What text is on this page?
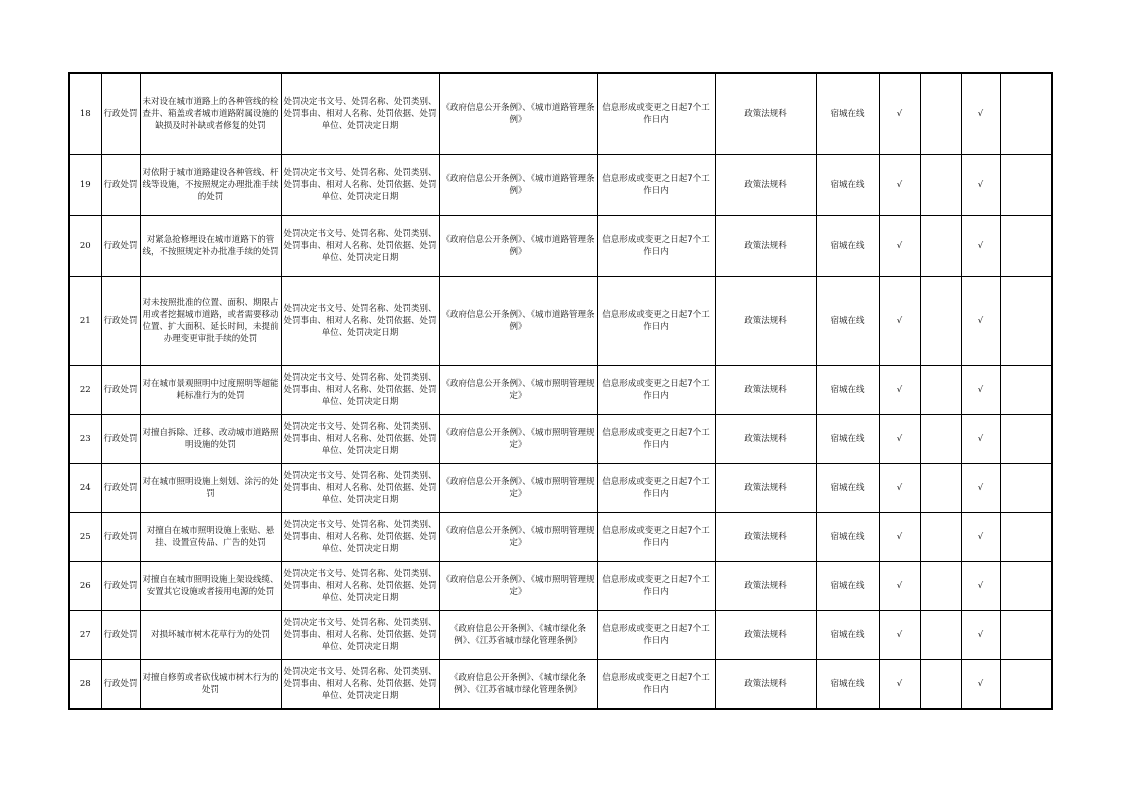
18	行政处罚	未对设在城市道路上的各种管线的检查井、箱盖或者城市道路附属设施的缺损及时补缺或者修复的处罚	处罚决定书文号、处罚名称、处罚类别、处罚事由、相对人名称、处罚依据、处罚单位、处罚决定日期	《政府信息公开条例》、《城市道路管理条例》	信息形成或变更之日起7个工作日内	政策法规科	宿城在线	√		√	
19	行政处罚	对依附于城市道路建设各种管线、杆线等设施，不按照规定办理批准手续的处罚	处罚决定书文号、处罚名称、处罚类别、处罚事由、相对人名称、处罚依据、处罚单位、处罚决定日期	《政府信息公开条例》、《城市道路管理条例》	信息形成或变更之日起7个工作日内	政策法规科	宿城在线	√		√	
20	行政处罚	对紧急抢修埋设在城市道路下的管线，不按照规定补办批准手续的处罚	处罚决定书文号、处罚名称、处罚类别、处罚事由、相对人名称、处罚依据、处罚单位、处罚决定日期	《政府信息公开条例》、《城市道路管理条例》	信息形成或变更之日起7个工作日内	政策法规科	宿城在线	√		√	
21	行政处罚	对未按照批准的位置、面积、期限占用或者挖掘城市道路，或者需要移动位置、扩大面积、延长时间，未提前办理变更审批手续的处罚	处罚决定书文号、处罚名称、处罚类别、处罚事由、相对人名称、处罚依据、处罚单位、处罚决定日期	《政府信息公开条例》、《城市道路管理条例》	信息形成或变更之日起7个工作日内	政策法规科	宿城在线	√		√	
22	行政处罚	对在城市景观照明中过度照明等超能耗标准行为的处罚	处罚决定书文号、处罚名称、处罚类别、处罚事由、相对人名称、处罚依据、处罚单位、处罚决定日期	《政府信息公开条例》、《城市照明管理规定》	信息形成或变更之日起7个工作日内	政策法规科	宿城在线	√		√	
23	行政处罚	对擅自拆除、迁移、改动城市道路照明设施的处罚	处罚决定书文号、处罚名称、处罚类别、处罚事由、相对人名称、处罚依据、处罚单位、处罚决定日期	《政府信息公开条例》、《城市照明管理规定》	信息形成或变更之日起7个工作日内	政策法规科	宿城在线	√		√	
24	行政处罚	对在城市照明设施上刻划、涂污的处罚	处罚决定书文号、处罚名称、处罚类别、处罚事由、相对人名称、处罚依据、处罚单位、处罚决定日期	《政府信息公开条例》、《城市照明管理规定》	信息形成或变更之日起7个工作日内	政策法规科	宿城在线	√		√	
25	行政处罚	对擅自在城市照明设施上张贴、悬挂、设置宣传品、广告的处罚	处罚决定书文号、处罚名称、处罚类别、处罚事由、相对人名称、处罚依据、处罚单位、处罚决定日期	《政府信息公开条例》、《城市照明管理规定》	信息形成或变更之日起7个工作日内	政策法规科	宿城在线	√		√	
26	行政处罚	对擅自在城市照明设施上架设线缆、安置其它设施或者接用电源的处罚	处罚决定书文号、处罚名称、处罚类别、处罚事由、相对人名称、处罚依据、处罚单位、处罚决定日期	《政府信息公开条例》、《城市照明管理规定》	信息形成或变更之日起7个工作日内	政策法规科	宿城在线	√		√	
27	行政处罚	对损坏城市树木花草行为的处罚	处罚决定书文号、处罚名称、处罚类别、处罚事由、相对人名称、处罚依据、处罚单位、处罚决定日期	《政府信息公开条例》、《城市绿化条例》、《江苏省城市绿化管理条例》	信息形成或变更之日起7个工作日内	政策法规科	宿城在线	√		√	
28	行政处罚	对擅自修剪或者砍伐城市树木行为的处罚	处罚决定书文号、处罚名称、处罚类别、处罚事由、相对人名称、处罚依据、处罚单位、处罚决定日期	《政府信息公开条例》、《城市绿化条例》、《江苏省城市绿化管理条例》	信息形成或变更之日起7个工作日内	政策法规科	宿城在线	√		√	
